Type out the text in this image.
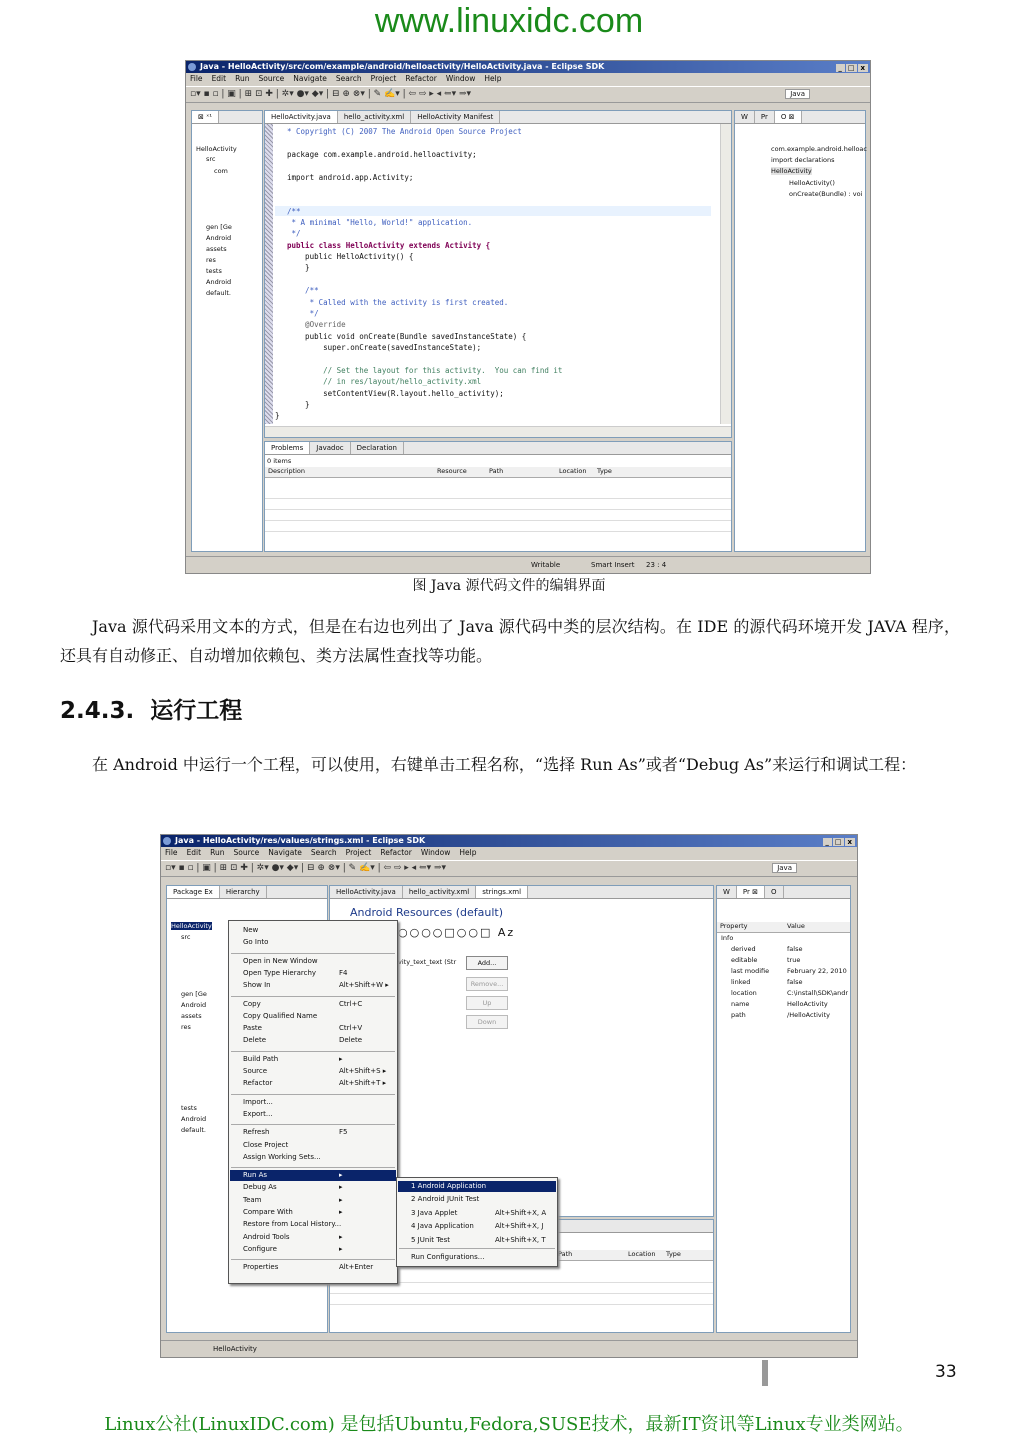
www.linuxidc.com
Java - HelloActivity/src/com/example/android/helloactivity/HelloActivity.java - Eclipse SDK	_ □ x
File Edit Run Source Navigate Search Project Refactor Window Help
▫▾ ▪ ▫ | ▣ | ⊞ ⊡ ✚ | ✲▾ ●▾ ◆▾ | ⊟ ⊕ ⊗▾ | ✎ ✍▾ | ⇦ ⇨ ▸ ◂ ⇐▾ ⇒▾	Java
⊠ ˣ¹
HelloActivity
src
com
gen [Ge
Android
assets
res
tests
Android
default.
HelloActivity.java hello_activity.xml HelloActivity Manifest
* Copyright (C) 2007 The Android Open Source Project
package com.example.android.helloactivity;
import android.app.Activity;
/**
* A minimal "Hello, World!" application.
*/
public class HelloActivity extends Activity {
public HelloActivity() {
}
/**
* Called with the activity is first created.
*/
@Override
public void onCreate(Bundle savedInstanceState) {
super.onCreate(savedInstanceState);
// Set the layout for this activity.  You can find it
// in res/layout/hello_activity.xml
setContentView(R.layout.hello_activity);
}
}
W Pr O ⊠
com.example.android.helloac
import declarations
HelloActivity
HelloActivity()
onCreate(Bundle) : voi
Problems Javadoc Declaration
0 items
Description	Resource	Path	Location Type
Writable	Smart Insert 23 : 4
图 Java 源代码文件的编辑界面
Java 源代码采用文本的方式，但是在右边也列出了 Java 源代码中类的层次结构。在 IDE 的源代码环境开发 JAVA 程序，还具有自动修正、自动增加依赖包、类方法属性查找等功能。
2.4.3. 运行工程
在 Android 中运行一个工程，可以使用，右键单击工程名称，“选择 Run As”或者“Debug As”来运行和调试工程：
Java - HelloActivity/res/values/strings.xml - Eclipse SDK	_ □ x
File Edit Run Source Navigate Search Project Refactor Window Help
▫▾ ▪ ▫ | ▣ | ⊞ ⊡ ✚ | ✲▾ ●▾ ◆▾ | ⊟ ⊕ ⊗▾ | ✎ ✍▾ | ⇦ ⇨ ▸ ◂ ⇐▾ ⇒▾	Java
Package Ex Hierarchy
HelloActivity
src
gen [Ge
Android
assets
res
tests
Android
default.
HelloActivity.java hello_activity.xml strings.xml
Android Resources (default)
○○○○□○○□ Az
vity_text_text (Str	Add...
Remove...
Up
Down
Path	Location Type
W Pr ⊠ O
Property	Value
Info
derived	false
editable	true
last modifie	February 22, 2010
linked	false
location	C:\install\SDK\andr
name	HelloActivity
path	/HelloActivity
HelloActivity
New
Go Into
Open in New Window
Open Type Hierarchy	F4
Show In	Alt+Shift+W ▸
Copy	Ctrl+C
Copy Qualified Name
Paste	Ctrl+V
Delete	Delete
Build Path	▸
Source	Alt+Shift+S ▸
Refactor	Alt+Shift+T ▸
Import...
Export...
Refresh	F5
Close Project
Assign Working Sets...
Run As	▸
Debug As	▸
Team	▸
Compare With	▸
Restore from Local History...
Android Tools	▸
Configure	▸
Properties	Alt+Enter
1 Android Application
2 Android JUnit Test
3 Java Applet	Alt+Shift+X, A
4 Java Application	Alt+Shift+X, J
5 JUnit Test	Alt+Shift+X, T
Run Configurations...
33
Linux公社(LinuxIDC.com) 是包括Ubuntu,Fedora,SUSE技术，最新IT资讯等Linux专业类网站。
